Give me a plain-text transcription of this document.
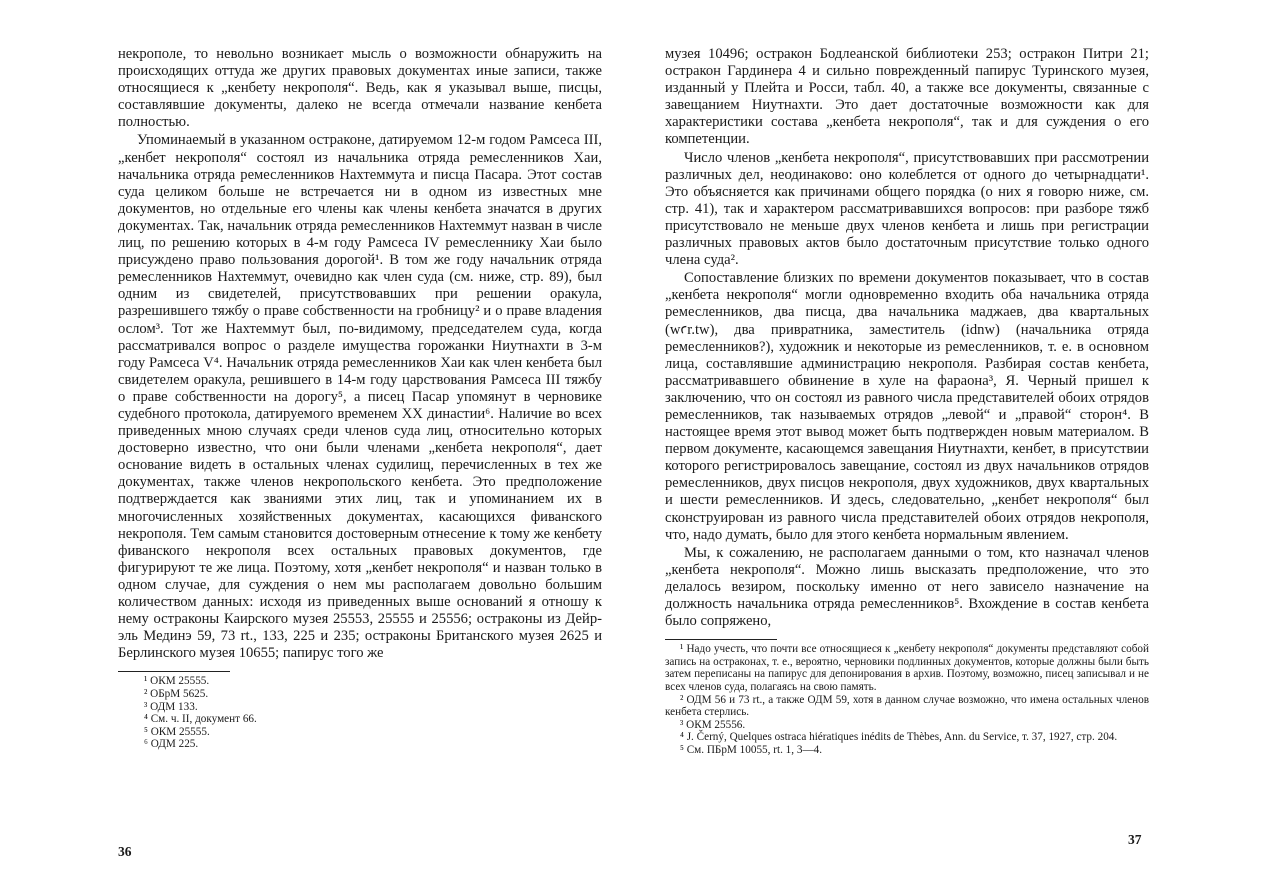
некрополе, то невольно возникает мысль о возможности обнаружить на происходящих оттуда же других правовых документах иные записи, также относящиеся к „кенбету некрополя“. Ведь, как я указывал выше, писцы, составлявшие документы, далеко не всегда отмечали название кенбета полностью.

Упоминаемый в указанном остраконе, датируемом 12-м годом Рамсеса III, „кенбет некрополя“ состоял из начальника отряда ремесленников Хаи, начальника отряда ремесленников Нахтеммута и писца Пасара. Этот состав суда целиком больше не встречается ни в одном из известных мне документов, но отдельные его члены как члены кенбета значатся в других документах. Так, начальник отряда ремесленников Нахтеммут назван в числе лиц, по решению которых в 4-м году Рамсеса IV ремесленнику Хаи было присуждено право пользования дорогой¹. В том же году начальник отряда ремесленников Нахтеммут, очевидно как член суда (см. ниже, стр. 89), был одним из свидетелей, присутствовавших при решении оракула, разрешившего тяжбу о праве собственности на гробницу² и о праве владения ослом³. Тот же Нахтеммут был, по-видимому, председателем суда, когда рассматривался вопрос о разделе имущества горожанки Ниутнахти в 3-м году Рамсеса V⁴. Начальник отряда ремесленников Хаи как член кенбета был свидетелем оракула, решившего в 14-м году царствования Рамсеса III тяжбу о праве собственности на дорогу⁵, а писец Пасар упомянут в черновике судебного протокола, датируемого временем XX династии⁶. Наличие во всех приведенных мною случаях среди членов суда лиц, относительно которых достоверно известно, что они были членами „кенбета некрополя“, дает основание видеть в остальных членах судилищ, перечисленных в тех же документах, также членов некропольского кенбета. Это предположение подтверждается как званиями этих лиц, так и упоминанием их в многочисленных хозяйственных документах, касающихся фиванского некрополя. Тем самым становится достоверным отнесение к тому же кенбету фиванского некрополя всех остальных правовых документов, где фигурируют те же лица. Поэтому, хотя „кенбет некрополя“ и назван только в одном случае, для суждения о нем мы располагаем довольно большим количеством данных: исходя из приведенных выше оснований я отношу к нему остраконы Каирского музея 25553, 25555 и 25556; остраконы из Дейр-эль Мединэ 59, 73 rt., 133, 225 и 235; остраконы Британского музея 2625 и Берлинского музея 10655; папирус того же

¹ ОКМ 25555.

² ОБрМ 5625.

³ ОДМ 133.

⁴ См. ч. II, документ 66.

⁵ ОКМ 25555.

⁶ ОДМ 225.

36

музея 10496; остракон Бодлеанской библиотеки 253; остракон Питри 21; остракон Гардинера 4 и сильно поврежденный папирус Туринского музея, изданный у Плейта и Росси, табл. 40, а также все документы, связанные с завещанием Ниутнахти. Это дает достаточные возможности как для характеристики состава „кенбета некрополя“, так и для суждения о его компетенции.

Число членов „кенбета некрополя“, присутствовавших при рассмотрении различных дел, неодинаково: оно колеблется от одного до четырнадцати¹. Это объясняется как причинами общего порядка (о них я говорю ниже, см. стр. 41), так и характером рассматривавшихся вопросов: при разборе тяжб присутствовало не меньше двух членов кенбета и лишь при регистрации различных правовых актов было достаточным присутствие только одного члена суда².

Сопоставление близких по времени документов показывает, что в состав „кенбета некрополя“ могли одновременно входить оба начальника отряда ремесленников, два писца, два начальника маджаев, два квартальных (wꜥr.tw), два привратника, заместитель (idnw) (начальника отряда ремесленников?), художник и некоторые из ремесленников, т. е. в основном лица, составлявшие администрацию некрополя. Разбирая состав кенбета, рассматривавшего обвинение в хуле на фараона³, Я. Черный пришел к заключению, что он состоял из равного числа представителей обоих отрядов ремесленников, так называемых отрядов „левой“ и „правой“ сторон⁴. В настоящее время этот вывод может быть подтвержден новым материалом. В первом документе, касающемся завещания Ниутнахти, кенбет, в присутствии которого регистрировалось завещание, состоял из двух начальников отрядов ремесленников, двух писцов некрополя, двух художников, двух квартальных и шести ремесленников. И здесь, следовательно, „кенбет некрополя“ был сконструирован из равного числа представителей обоих отрядов некрополя, что, надо думать, было для этого кенбета нормальным явлением.

Мы, к сожалению, не располагаем данными о том, кто назначал членов „кенбета некрополя“. Можно лишь высказать предположение, что это делалось везиром, поскольку именно от него зависело назначение на должность начальника отряда ремесленников⁵. Вхождение в состав кенбета было сопряжено,

¹ Надо учесть, что почти все относящиеся к „кенбету некрополя“ документы представляют собой запись на остраконах, т. е., вероятно, черновики подлинных документов, которые должны были быть затем переписаны на папирус для депонирования в архив. Поэтому, возможно, писец записывал и не всех членов суда, полагаясь на свою память.

² ОДМ 56 и 73 rt., а также ОДМ 59, хотя в данном случае возможно, что имена остальных членов кенбета стерлись.

³ ОКМ 25556.

⁴ J. Černý, Quelques ostraca hiératiques inédits de Thèbes, Ann. du Service, т. 37, 1927, стр. 204.

⁵ См. ПБрМ 10055, rt. 1, 3—4.

37
